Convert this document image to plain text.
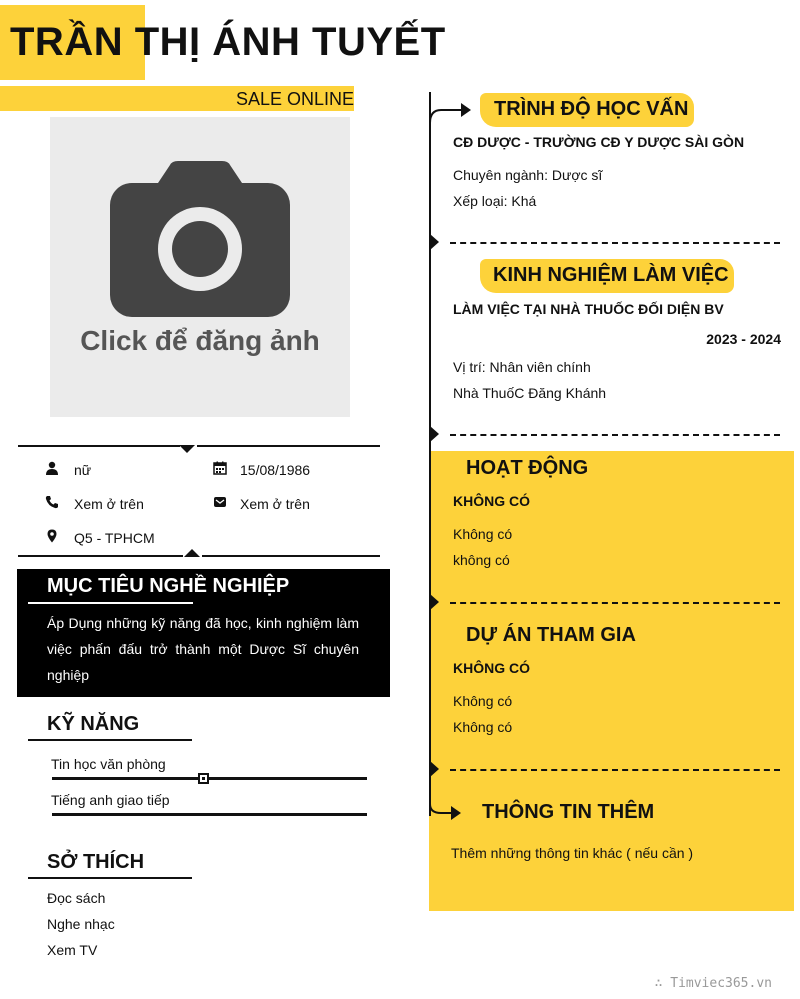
TRẦN THỊ ÁNH TUYẾT
SALE ONLINE
Click để đăng ảnh
nữ	15/08/1986
Xem ở trên	Xem ở trên
Q5 - TPHCM
MỤC TIÊU NGHỀ NGHIỆP
Áp Dụng những kỹ năng đã học, kinh nghiệm làm việc phấn đấu trở thành một Dược Sĩ chuyên nghiệp
KỸ NĂNG
Tin học văn phòng
Tiếng anh giao tiếp
SỞ THÍCH
Đọc sách
Nghe nhạc
Xem TV
TRÌNH ĐỘ HỌC VẤN
CĐ DƯỢC - TRƯỜNG CĐ Y DƯỢC SÀI GÒN
Chuyên ngành: Dược sĩ
Xếp loại: Khá
KINH NGHIỆM LÀM VIỆC
LÀM VIỆC TẠI NHÀ THUỐC ĐỐI DIỆN BV
2023 - 2024
Vị trí: Nhân viên chính
Nhà ThuốC Đăng Khánh
HOẠT ĐỘNG
KHÔNG CÓ
Không có
không có
DỰ ÁN THAM GIA
KHÔNG CÓ
Không có
Không có
THÔNG TIN THÊM
Thêm những thông tin khác ( nếu cần )
∴ Timviec365.vn
